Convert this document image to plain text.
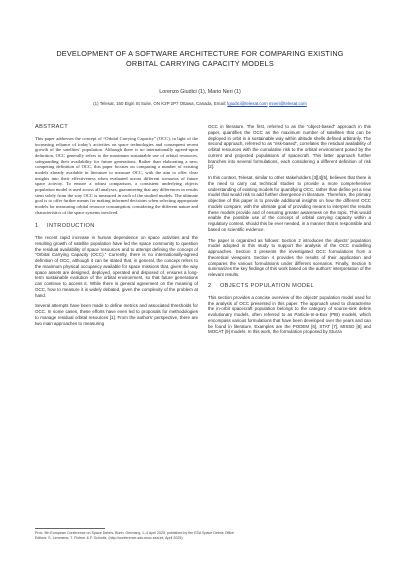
DEVELOPMENT OF A SOFTWARE ARCHITECTURE FOR COMPARING EXISTING ORBITAL CARRYING CAPACITY MODELS
Lorenzo Giudici (1), Mario Neri (1)
(1) Telesat, 160 Elgin St Suite, ON K2P 2P7 Ottawa, Canada, Email: lgiudici@telesat.com mneri@telesat.com
ABSTRACT

This paper addresses the concept of “Orbital Carrying Capacity” (OCC), in light of the increasing reliance of today’s activities on space technologies and consequent recent growth of the satellites’ population. Although there is no internationally agreed-upon definition, OCC generally refers to the maximum sustainable use of orbital resources, safeguarding their availability for future generations. Rather than elaborating a new, competing definition of OCC, this paper focuses on comparing a number of existing models already available in literature to measure OCC, with the aim to offer clear insights into their effectiveness when evaluated across different scenarios of future space activity. To ensure a robust comparison, a consistent underlying objects population model is used across all analyses, guaranteeing that any differences in results stem solely from the way OCC is measured in each of the studied models. The ultimate goal is to offer further means for making informed decisions when selecting appropriate models for measuring orbital resource consumption, considering the different nature and characteristics of the space systems involved.

1 INTRODUCTION

The recent rapid increase in human dependence on space activities and the resulting growth of satellite population have led the space community to question the residual availability of space resources and to attempt defining the concept of “Orbital Carrying Capacity (OCC).” Currently, there is no internationally-agreed definition of OCC, although it can be stated that, in general, the concept refers to the maximum physical occupancy available for space missions that, given the way space assets are designed, deployed, operated and disposed of, ensures a long-term sustainable evolution of the orbital environment, so that future generations can continue to access it. While there is general agreement on the meaning of OCC, how to measure it is widely debated, given the complexity of the problem at hand.

Several attempts have been made to define metrics and associated thresholds for OCC. In some cases, these efforts have even led to proposals for methodologies to manage residual orbital resources [1]. From the authors’ perspective, there are two main approaches to measuring

OCC in literature. The first, referred to as the “object-based” approach in this paper, quantifies the OCC as the maximum number of satellites that can be deployed in orbit in a sustainable way within altitude shells defined arbitrarily. The second approach, referred to as “risk-based”, correlates the residual availability of orbital resources with the cumulative risk to the orbital environment posed by the current and projected populations of spacecraft. This latter approach further branches into several formulations, each considering a different definition of risk [2].

In this context, Telesat, similar to other stakeholders [3][4][5], believes that there is the need to carry out technical studies to provide a more comprehensive understanding of existing models for quantifying OCC, rather than define yet a new model that would risk to add further divergence in literature. Therefore, the primary objective of this paper is to provide additional insights on how the different OCC models compare, with the ultimate goal of providing means to interpret the results these models provide and of ensuring greater awareness on the topic. This would enable the possible use of the concept of orbital carrying capacity within a regulatory context, should this be ever needed, in a manner that is responsible and based on scientific evidence.

The paper is organized as follows: Section 2 introduces the objects’ population model adopted in this study to support the analysis of the OCC modelling approaches. Section 3 presents the investigated OCC formulations from a theoretical viewpoint. Section 4 provides the results of their application and compares the various formulations under different scenarios. Finally, Section 5 summarizes the key findings of this work based on the authors’ interpretation of the relevant results.

2 OBJECTS POPULATION MODEL

This section provides a concise overview of the objects’ population model used for the analysis of OCC presented in this paper. The approach used to characterise the in-orbit spacecraft population belongs to the category of source-sink debris evolutionary models, often referred to as Particle-In-a-Box (PIB) models, which encompass various formulations that have been developed over the years and can be found in literature. Examples are the PODEM [6], STAT [7], MISSD [8] and MOCAT [9] models. In this work, the formulation proposed by Sturza

Proc. 9th European Conference on Space Debris, Bonn, Germany, 1–4 April 2025, published by the ESA Space Debris Office
Editors: S. Lemmens, T. Flohrer & F. Schmitz, (http://conference.sdo.esoc.esa.int, April 2025)
